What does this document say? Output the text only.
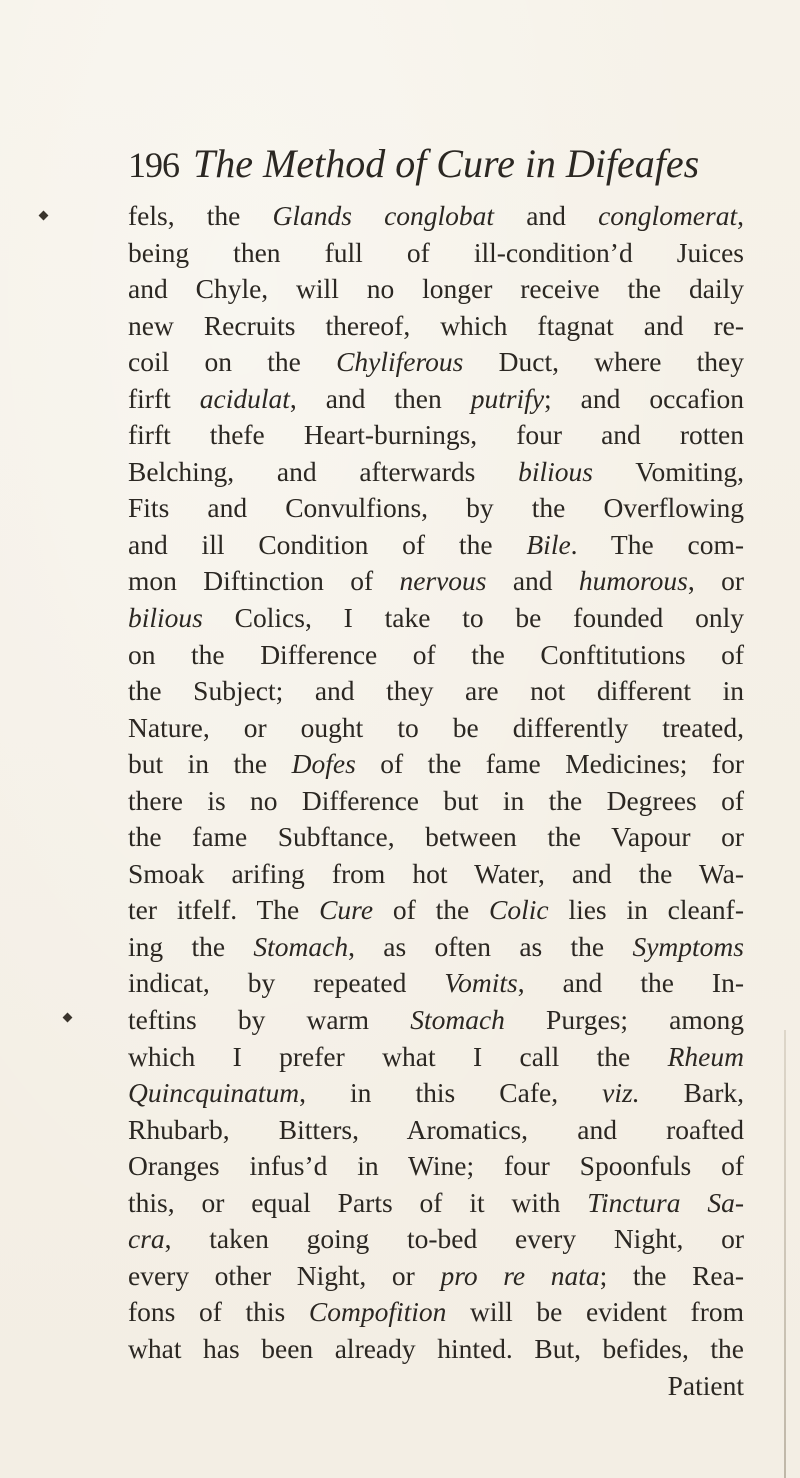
196 The Method of Cure in Difeafes
fels, the Glands conglobat and conglomerat,
being then full of ill-condition’d Juices
and Chyle, will no longer receive the daily
new Recruits thereof, which ftagnat and re-
coil on the Chyliferous Duct, where they
firft acidulat, and then putrify; and occafion
firft thefe Heart-burnings, four and rotten
Belching, and afterwards bilious Vomiting,
Fits and Convulfions, by the Overflowing
and ill Condition of the Bile. The com-
mon Diftinction of nervous and humorous, or
bilious Colics, I take to be founded only
on the Difference of the Conftitutions of
the Subject; and they are not different in
Nature, or ought to be differently treated,
but in the Dofes of the fame Medicines; for
there is no Difference but in the Degrees of
the fame Subftance, between the Vapour or
Smoak arifing from hot Water, and the Wa-
ter itfelf. The Cure of the Colic lies in cleanf-
ing the Stomach, as often as the Symptoms
indicat, by repeated Vomits, and the In-
teftins by warm Stomach Purges; among
which I prefer what I call the Rheum
Quincquinatum, in this Cafe, viz. Bark,
Rhubarb, Bitters, Aromatics, and roafted
Oranges infus’d in Wine; four Spoonfuls of
this, or equal Parts of it with Tinctura Sa-
cra, taken going to-bed every Night, or
every other Night, or pro re nata; the Rea-
fons of this Compofition will be evident from
what has been already hinted. But, befides, the
Patient
